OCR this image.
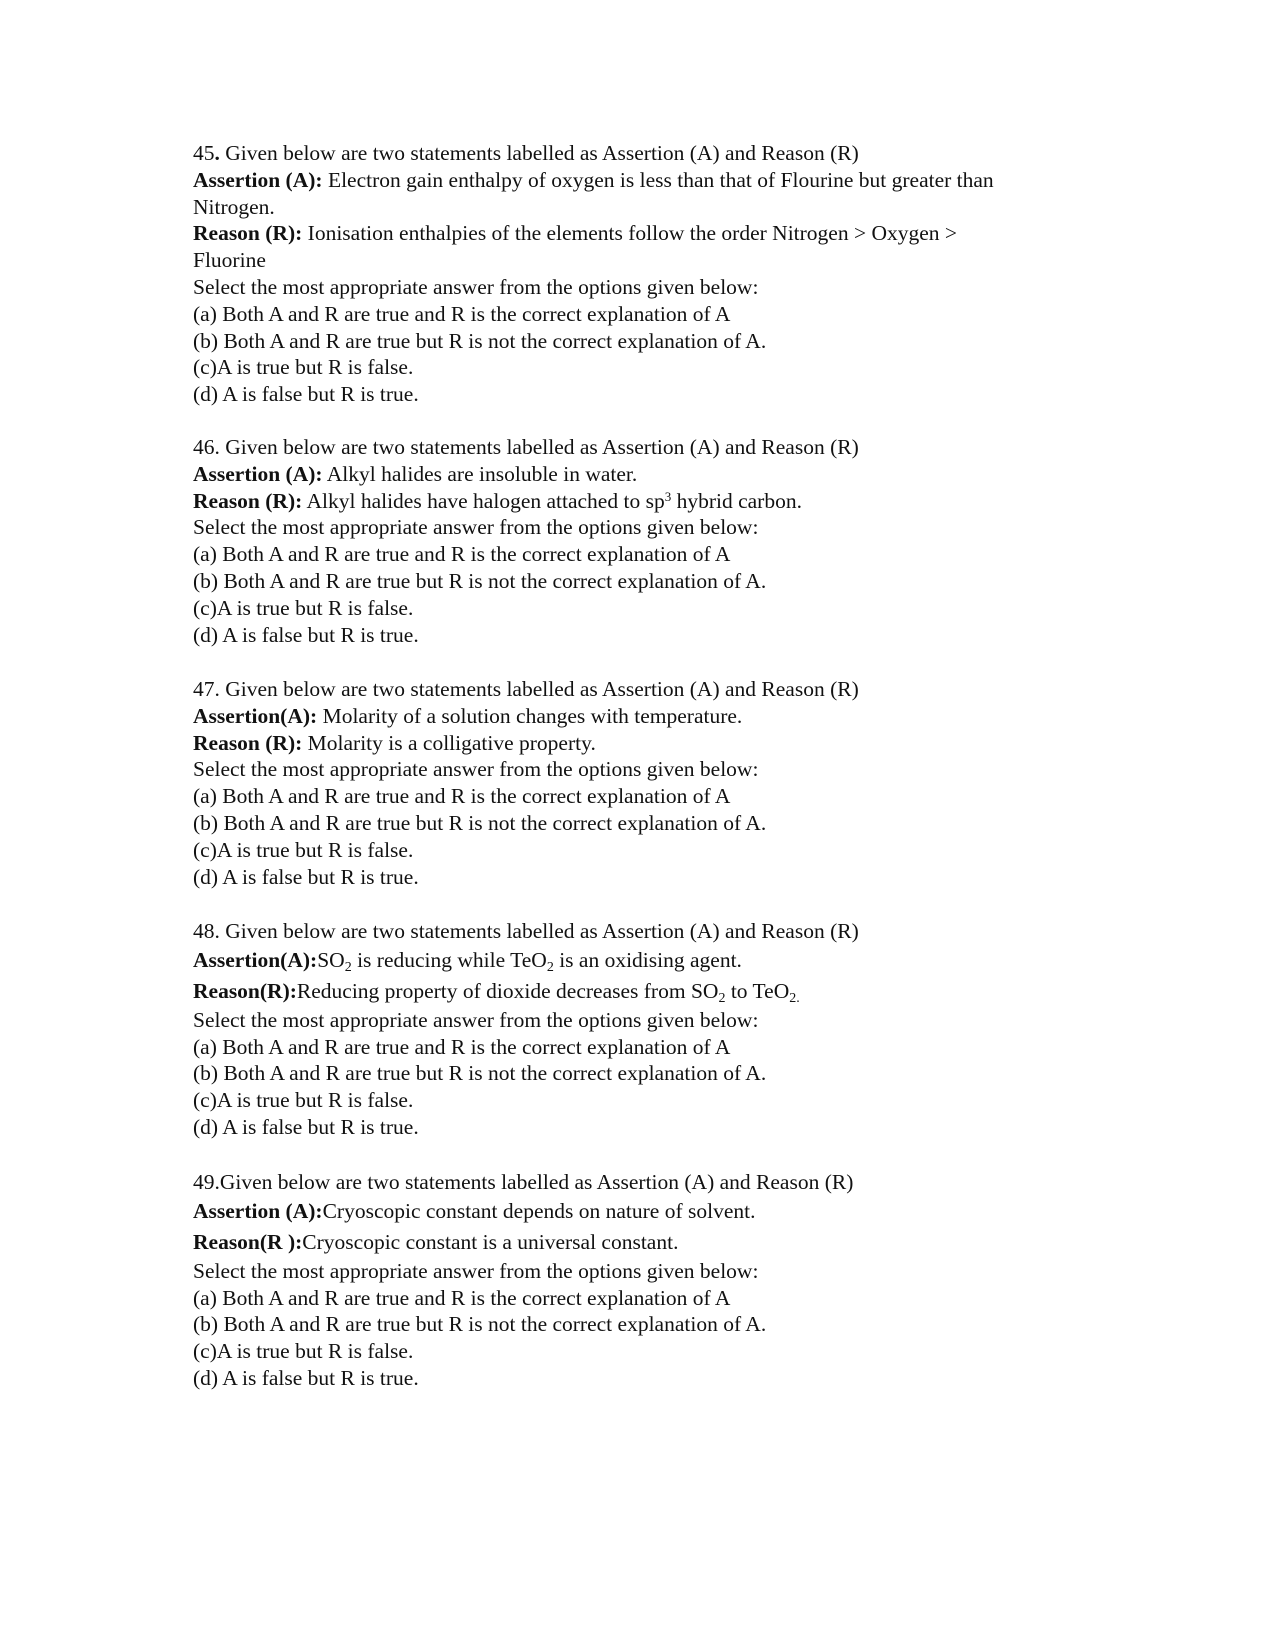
45. Given below are two statements labelled as Assertion (A) and Reason (R)
Assertion (A): Electron gain enthalpy of oxygen is less than that of Flourine but greater than
Nitrogen.
Reason (R): Ionisation enthalpies of the elements follow the order Nitrogen > Oxygen >
Fluorine
Select the most appropriate answer from the options given below:
(a) Both A and R are true and R is the correct explanation of A
(b) Both A and R are true but R is not the correct explanation of A.
(c)A is true but R is false.
(d) A is false but R is true.
46. Given below are two statements labelled as Assertion (A) and Reason (R)
Assertion (A): Alkyl halides are insoluble in water.
Reason (R): Alkyl halides have halogen attached to $sp^3$ hybrid carbon.
Select the most appropriate answer from the options given below:
(a) Both A and R are true and R is the correct explanation of A
(b) Both A and R are true but R is not the correct explanation of A.
(c)A is true but R is false.
(d) A is false but R is true.
47. Given below are two statements labelled as Assertion (A) and Reason (R)
Assertion(A): Molarity of a solution changes with temperature.
Reason (R): Molarity is a colligative property.
Select the most appropriate answer from the options given below:
(a) Both A and R are true and R is the correct explanation of A
(b) Both A and R are true but R is not the correct explanation of A.
(c)A is true but R is false.
(d) A is false but R is true.
48. Given below are two statements labelled as Assertion (A) and Reason (R)
$Assertion(A):SO_2$ is reducing while TeO$_2$ is an oxidising agent.
Reason(R):Reducing property of dioxide decreases from $SO_2$ to TeO$_{2.}$
Select the most appropriate answer from the options given below:
(a) Both A and R are true and R is the correct explanation of A
(b) Both A and R are true but R is not the correct explanation of A.
(c)A is true but R is false.
(d) A is false but R is true.
49.Given below are two statements labelled as Assertion (A) and Reason (R)
Assertion (A):Cryoscopic constant depends on nature of solvent.
Reason(R ):Cryoscopic constant is a universal constant.
Select the most appropriate answer from the options given below:
(a) Both A and R are true and R is the correct explanation of A
(b) Both A and R are true but R is not the correct explanation of A.
(c)A is true but R is false.
(d) A is false but R is true.
